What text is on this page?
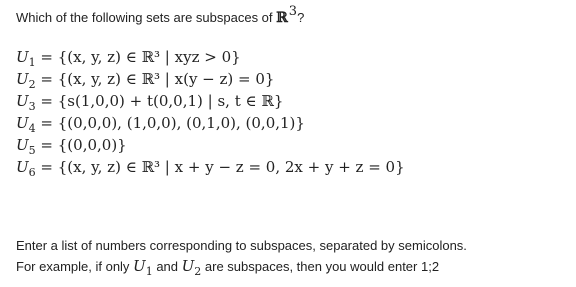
Which of the following sets are subspaces of ℝ3?
$U_1 = \{(x$, y, z) ∈ ℝ³ | xyz > 0}
$U_2 = \{(x$, y, z) ∈ ℝ³ | x(y − z) = 0}
$U_3 = \{s(1,0,0) + t(0,0,1)$ | s, t ∈ ℝ}
$U_4 = \{(0,0,0)$, (1,0,0), (0,1,0), (0,0,1)}
$U_5 = \{(0,0,0)\}$
$U_6 = \{(x$, y, z) ∈ ℝ³ | x + y − z = 0, 2x + y + z = 0}
Enter a list of numbers corresponding to subspaces, separated by semicolons.
For example, if only $U_1$ and $U_2$ are subspaces, then you would enter 1;2
